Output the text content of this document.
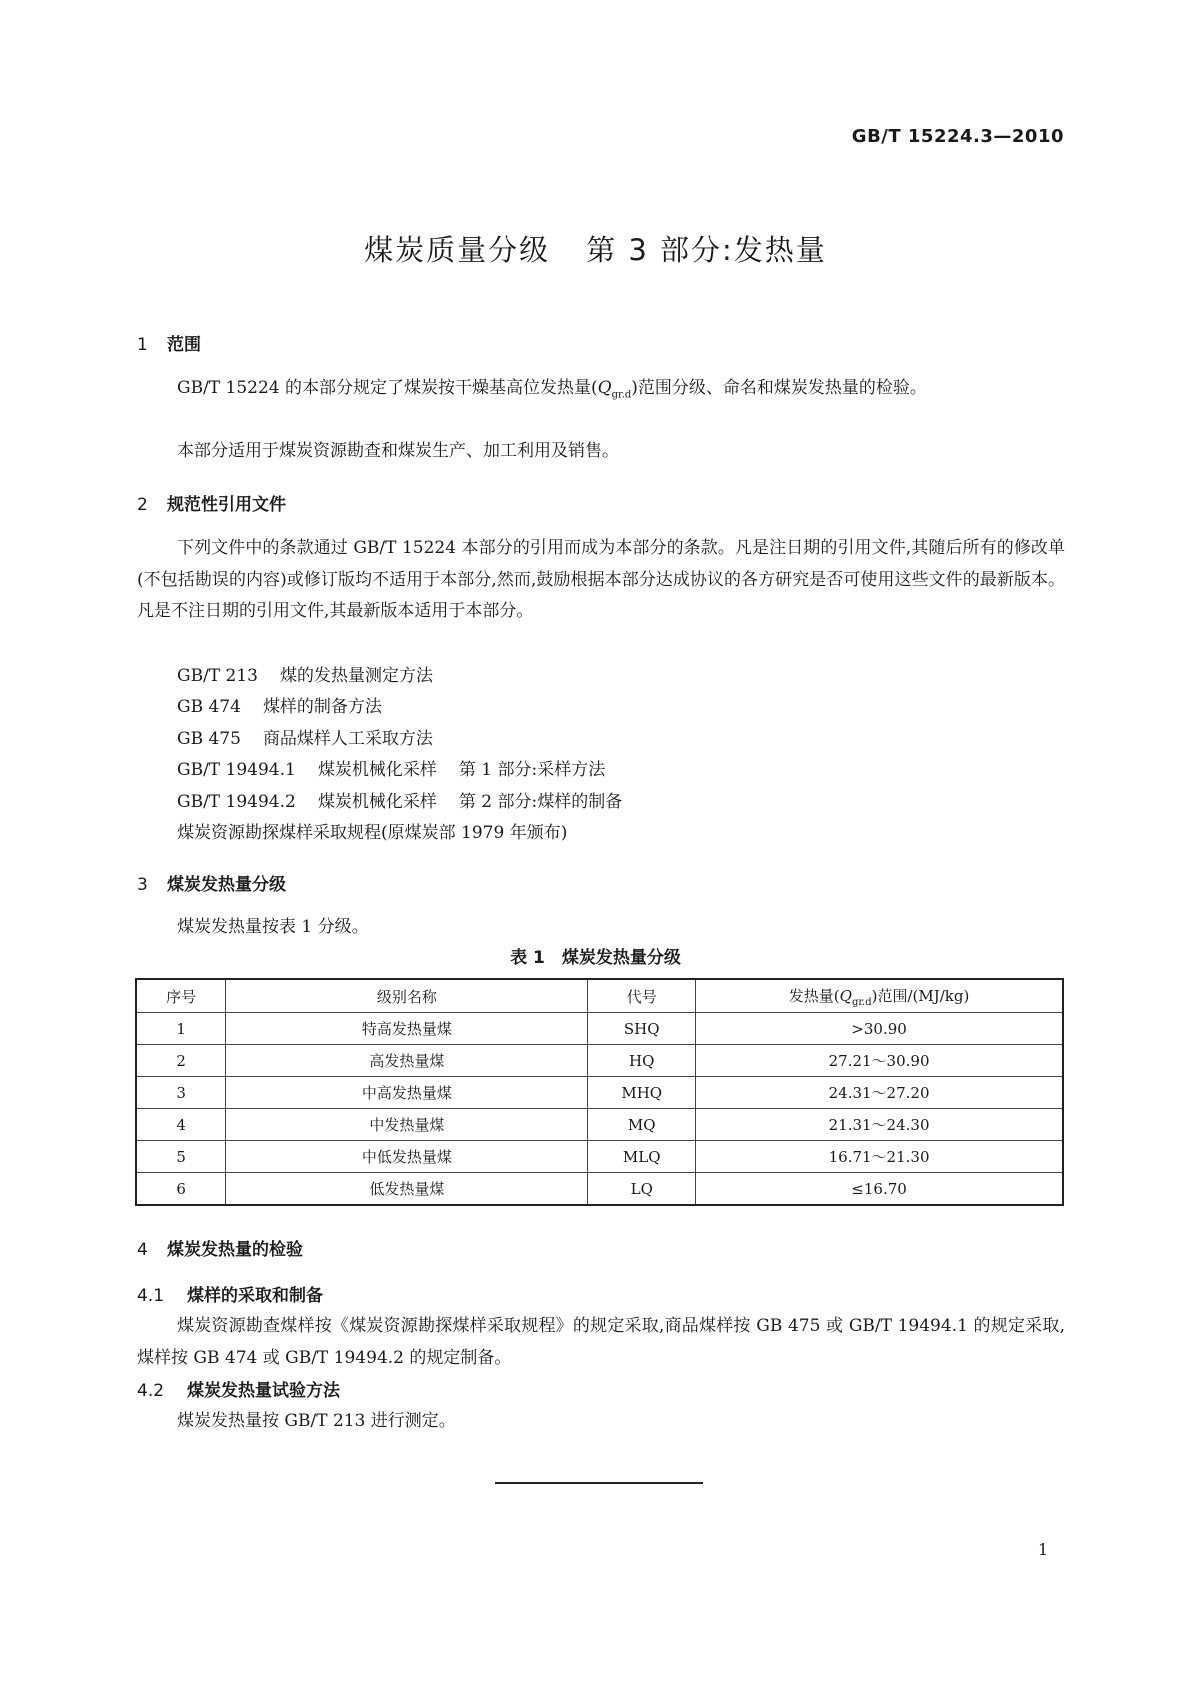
GB/T 15224.3—2010
煤炭质量分级 第 3 部分:发热量
1 范围
GB/T 15224 的本部分规定了煤炭按干燥基高位发热量$(Q_{gr.d})$范围分级、命名和煤炭发热量的检验。
本部分适用于煤炭资源勘查和煤炭生产、加工利用及销售。
2 规范性引用文件
下列文件中的条款通过 GB/T 15224 本部分的引用而成为本部分的条款。凡是注日期的引用文件,其随后所有的修改单(不包括勘误的内容)或修订版均不适用于本部分,然而,鼓励根据本部分达成协议的各方研究是否可使用这些文件的最新版本。凡是不注日期的引用文件,其最新版本适用于本部分。
GB/T 213 煤的发热量测定方法
GB 474 煤样的制备方法
GB 475 商品煤样人工采取方法
GB/T 19494.1 煤炭机械化采样 第 1 部分:采样方法
GB/T 19494.2 煤炭机械化采样 第 2 部分:煤样的制备
煤炭资源勘探煤样采取规程(原煤炭部 1979 年颁布)
3 煤炭发热量分级
煤炭发热量按表 1 分级。
表 1　煤炭发热量分级
序号	级别名称	代号	发热量$(Q_{gr.d})$范围/(MJ/kg)
1	特高发热量煤	SHQ	>30.90
2	高发热量煤	HQ	27.21～30.90
3	中高发热量煤	MHQ	24.31～27.20
4	中发热量煤	MQ	21.31～24.30
5	中低发热量煤	MLQ	16.71～21.30
6	低发热量煤	LQ	≤16.70
4 煤炭发热量的检验
4.1 煤样的采取和制备
煤炭资源勘查煤样按《煤炭资源勘探煤样采取规程》的规定采取,商品煤样按 GB 475 或 GB/T 19494.1 的规定采取,煤样按 GB 474 或 GB/T 19494.2 的规定制备。
4.2 煤炭发热量试验方法
煤炭发热量按 GB/T 213 进行测定。
1
